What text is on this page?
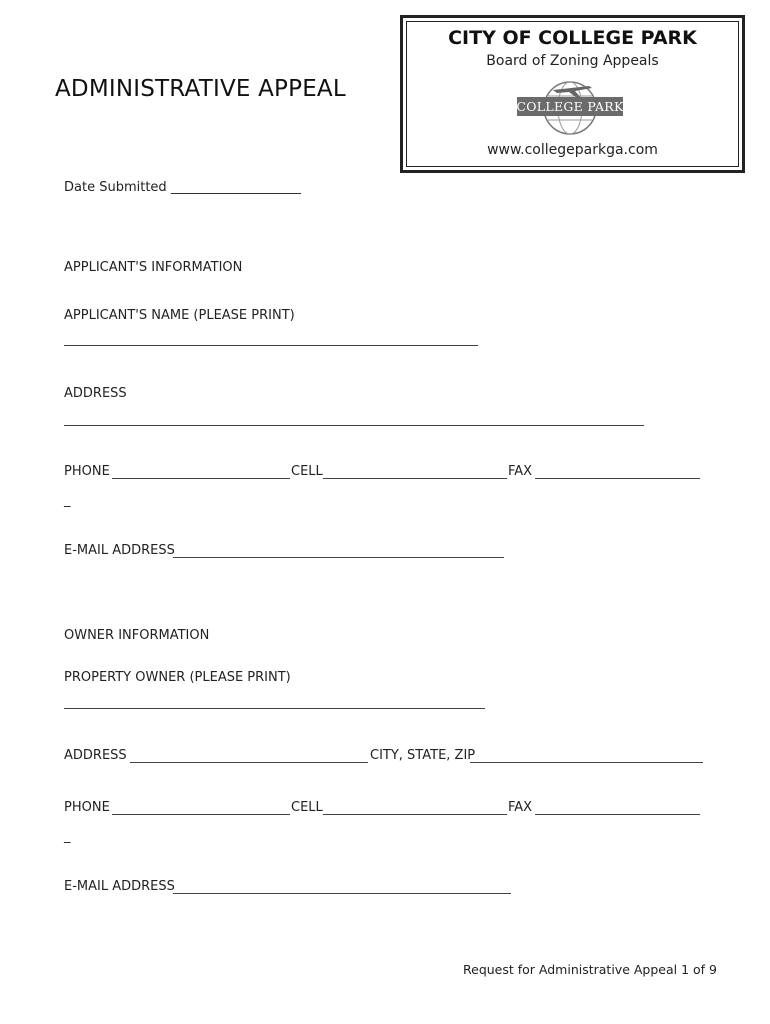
ADMINISTRATIVE APPEAL
CITY OF COLLEGE PARK
Board of Zoning Appeals
COLLEGE PARK
www.collegeparkga.com
Date Submitted ____________________
APPLICANT'S INFORMATION
APPLICANT'S NAME (PLEASE PRINT)
ADDRESS
PHONE	CELL	FAX
_
E-MAIL ADDRESS
OWNER INFORMATION
PROPERTY OWNER (PLEASE PRINT)
ADDRESS	CITY, STATE, ZIP
PHONE	CELL	FAX
_
E-MAIL ADDRESS
Request for Administrative Appeal 1 of 9
